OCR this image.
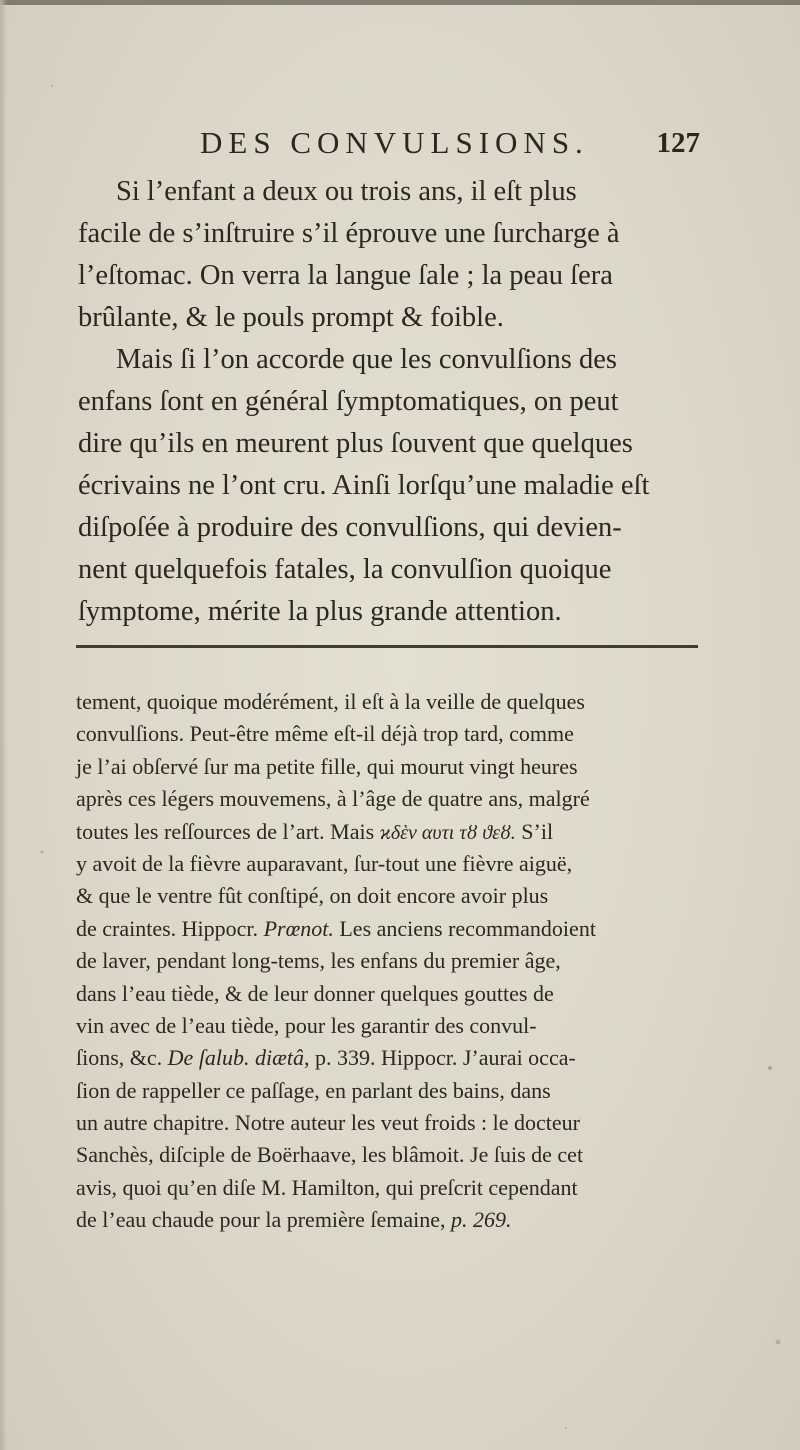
DES CONVULSIONS. 127
Si l’enfant a deux ou trois ans, il eſt plus
facile de s’inſtruire s’il éprouve une ſurcharge à
l’eſtomac. On verra la langue ſale ; la peau ſera
brûlante, & le pouls prompt & foible.
Mais ſi l’on accorde que les convulſions des
enfans ſont en général ſymptomatiques, on peut
dire qu’ils en meurent plus ſouvent que quelques
écrivains ne l’ont cru. Ainſi lorſqu’une maladie eſt
diſpoſée à produire des convulſions, qui devien-
nent quelquefois fatales, la convulſion quoique
ſymptome, mérite la plus grande attention.
tement, quoique modérément, il eſt à la veille de quelques
convulſions. Peut-être même eſt-il déjà trop tard, comme
je l’ai obſervé ſur ma petite fille, qui mourut vingt heures
après ces légers mouvemens, à l’âge de quatre ans, malgré
toutes les reſſources de l’art. Mais ϰδὲν αυτι τȣ ϑεȣ. S’il
y avoit de la fièvre auparavant, ſur-tout une fièvre aiguë,
& que le ventre fût conſtipé, on doit encore avoir plus
de craintes. Hippocr. Prœnot. Les anciens recommandoient
de laver, pendant long-tems, les enfans du premier âge,
dans l’eau tiède, & de leur donner quelques gouttes de
vin avec de l’eau tiède, pour les garantir des convul-
ſions, &c. De ſalub. diætâ, p. 339. Hippocr. J’aurai occa-
ſion de rappeller ce paſſage, en parlant des bains, dans
un autre chapitre. Notre auteur les veut froids : le docteur
Sanchès, diſciple de Boërhaave, les blâmoit. Je ſuis de cet
avis, quoi qu’en diſe M. Hamilton, qui preſcrit cependant
de l’eau chaude pour la première ſemaine, p. 269.
